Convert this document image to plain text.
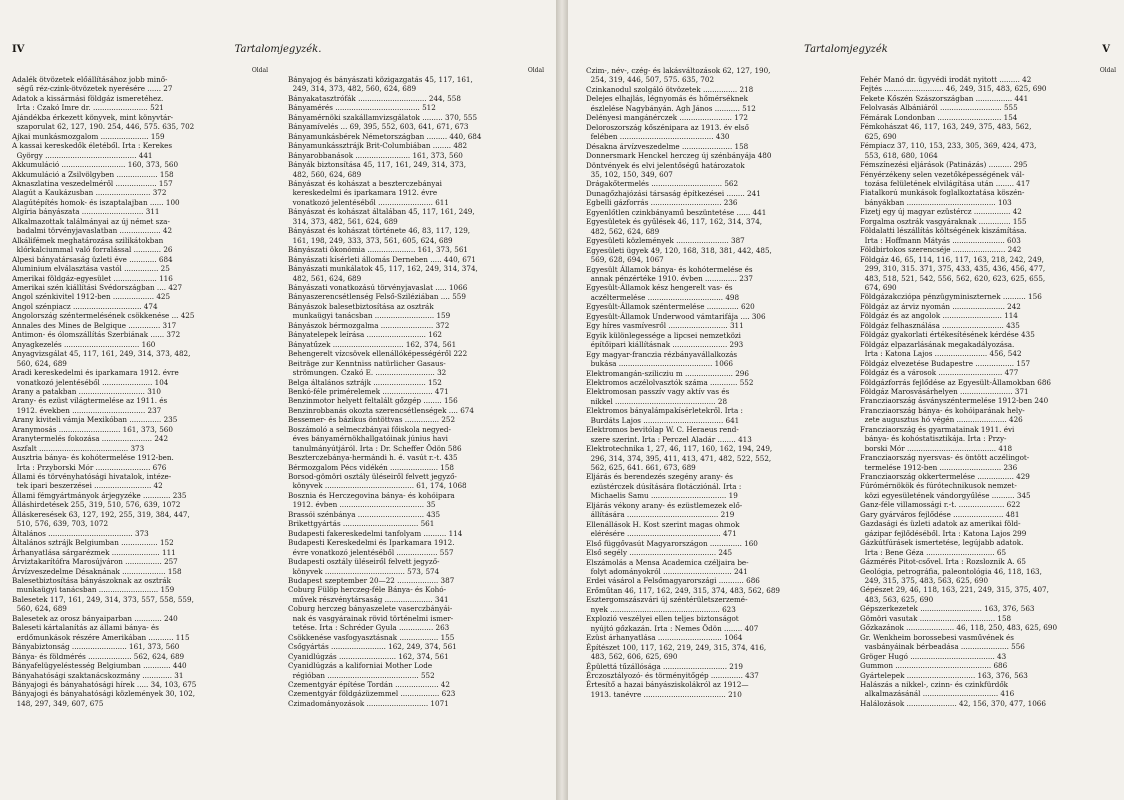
IV	Tartalomjegyzék.
Oldal
Adalék ötvözetek előállításához jobb minő-
ségű réz-czink-ötvözetek nyerésére ...... 27
Adatok a kissármási földgáz ismeretéhez.
Irta : Czakó Imre dr. ........................ 521
Ajándékba érkezett könyvek, mint könyvtár-
szaporulat 62, 127, 190. 254, 446, 575. 635, 702
Ajkai munkásmozgalom ..................... 159
A kassai kereskedők életéből. Irta : Kerekes
György ........................................ 441
Akkumuláció ............................ 160, 373, 560
Akkumuláció a Zsilvölgyben .................. 158
Aknaszlatina veszedelméről .................. 157
Alagút a Kaukázusban ........................ 372
Alagútépítés homok- és iszaptalajban ...... 100
Algíria bányászata ........................... 311
Alkalmazottak találmányai az új német sza-
badalmi törvényjavaslatban .................. 42
Alkálifémek meghatározása szilikátokban
klórkalciummal való forralással ............ 26
Alpesi bányatársaság üzleti éve ............ 684
Aluminium elválasztása vastól ............... 25
Amerikai földgáz-egyesület ................... 116
Amerikai szén kiállítási Svédországban .... 427
Angol szénkivitel 1912-ben .................. 425
Angol szénpiacz .............................. 474
Angolország széntermelésének csökkenése ... 425
Annales des Mines de Belgique .............. 317
Antimon- és ólomszállítás Szerbiának ...... 372
Anyagkezelés ................................. 160
Anyagvizsgálat 45, 117, 161, 249, 314, 373, 482,
560, 624, 689
Aradi kereskedelmi és iparkamara 1912. évre
vonatkozó jelentéséből ...................... 104
Arany a patakban ............................. 310
Arany- és ezüst világtermelése az 1911. és
1912. években ................................ 237
Arany kiviteli vámja Mexikóban .............. 235
Aranymosás ........................... 161, 373, 560
Aranytermelés fokozása ...................... 242
Aszfalt ....................................... 373
Ausztria bánya- és kohótermelése 1912-ben.
Irta : Przyborski Mór ........................ 676
Állami és törvényhatósági hivatalok, intéze-
tek ipari beszerzései ......................... 42
Állami fémgyártmányok árjegyzéke ............ 235
Álláshirdetések 255, 319, 510, 576, 639, 1072
Álláskeresések 63, 127, 192, 255, 319, 384, 447,
510, 576, 639, 703, 1072
Általános ..................................... 373
Általános sztrájk Belgiumban ................ 152
Árhanyatlása sárgarézmek ..................... 111
Árviztakarítófra Marosújváron ................ 257
Árvízveszedelme Désaknának ................... 158
Balesetbiztosítása bányászoknak az osztrák
munkaügyi tanácsban .......................... 159
Balesetek 117, 161, 249, 314, 373, 557, 558, 559,
560, 624, 689
Balesetek az orosz bányaiparban ............ 240
Baleseti kártalanítás az állami bánya- és
erdőmunkások részére Amerikában ........... 115
Bányabiztonság ........................ 161, 373, 560
Bánya- és földmérés ................... 562, 624, 689
Bányafelügyeléstesség Belgiumban ............ 440
Bányahatósági szaktanácskozmány ............. 31
Bányajogi és bányahatósági hírek ..... 34, 103, 675
Bányajogi és bányahatósági közlemények 30, 102,
148, 297, 349, 607, 675
Oldal
Bányajog és bányászati közigazgatás 45, 117, 161,
249, 314, 373, 482, 560, 624, 689
Bányakatasztrófák .............................. 244, 558
Bányamérés ..................................... 512
Bányamérnöki szakállamvizsgálatok ......... 370, 555
Bányamívelés ... 69, 395, 552, 603, 641, 671, 673
Bányamunkásbérek Németországban ......... 440, 684
Bányamunkássztrájk Brit-Columbiában ........ 482
Bányarobbanások ........................ 161, 373, 560
Bányák biztonsítása 45, 117, 161, 249, 314, 373,
482, 560, 624, 689
Bányászat és kohászat a beszterczebányai
kereskedelmi és iparkamara 1912. évre
vonatkozó jelentéséből ........................ 611
Bányászat és kohászat általában 45, 117, 161, 249,
314, 373, 482, 561, 624, 689
Bányászat és kohászat története 46, 83, 117, 129,
161, 198, 249, 333, 373, 561, 605, 624, 689
Bányászati ökonómia ..................... 161, 373, 561
Bányászati kísérleti állomás Derneben ..... 440, 671
Bányászati munkálatok 45, 117, 162, 249, 314, 374,
482, 561, 624, 689
Bányászati vonatkozású törvényjavaslat ..... 1066
Bányaszerencsétlenség Felső-Sziléziában .... 559
Bányászok balesetbiztosítása az osztrák
munkaügyi tanácsban .......................... 159
Bányászok bérmozgalma ....................... 372
Bányatelepek leírása .......................... 162
Bányatűzek ............................... 162, 374, 561
Behengerelt vízcsövek ellenállóképességéről 222
Beiträge zur Kenntniss natürlicher Gasaus-
strömungen. Czakó E. .......................... 32
Belga általános sztrájk ....................... 152
Benkó-féle primérelemek ...................... 471
Benzinmotor helyett feltalált gőzgép ........ 156
Benzinrobbanás okozta szerencsétlenségek .... 674
Bessemer- és bázikus öntöttvas ............... 252
Boszámoló a selmeczbányai főiskola negyed-
éves bányamérnökhallgatóinak június havi
tanulmányútjáról. Irta : Dr. Scheffer Ödön 586
Beszterczebánya-hermándi h. é. vasút r.-t. 435
Bérmozgalom Pécs vidékén ..................... 158
Borsod-gömöri osztály üléseiről felvett jegyző-
könyvek ....................................... 61, 174, 1068
Bosznia és Herczegovina bánya- és kohóipara
1912. évben ..................................... 35
Brassói szénbánya ............................. 435
Brikettgyártás ................................. 561
Budapesti fakereskedelmi tanfolyam .......... 114
Budapesti Kereskedelmi és Iparkamara 1912.
évre vonatkozó jelentéséből .................. 557
Budapesti osztály üléseiről felvett jegyző-
könyvek ................................... 573, 574
Budapest szeptember 20—22 .................. 387
Coburg Fülöp herczeg-féle Bánya- és Kohó-
művek részvénytársaság ..................... 341
Coburg herczeg bányaszelete vaserczbányái-
nak és vasgyárainak rövid történelmi ismer-
tetése. Irta : Schréder Gyula ............... 263
Csökkenése vasfogyasztásnak ................. 155
Csőgyártás ........................ 162, 249, 374, 561
Cyanidlúgzás ......................... 162, 374, 561
Cyanidlúgzás a kaliforniai Mother Lode
régióban ........................................ 552
Czementgyár építése Tordán ................... 42
Czementgyár földgázüzemmel ................. 623
Czimadományozások ........................... 1071
Tartalomjegyzék	V
Czim-, név-, czég- és lakásváltozások 62, 127, 190,
254, 319, 446, 507, 575. 635, 702
Czinkanodul szolgáló ötvözetek ............... 218
Delejes elhajlás, légnyomás és hőmérséknek
észlelése Nagybányán. Agh János ........... 512
Delényesi mangánérczek ....................... 172
Deloroszország kőszénipara az 1913. év első
felében ......................................... 430
Désakna árvízveszedelme ...................... 158
Donnersmark Henckel herczeg új szénbányája 480
Döntvények és elvi jelentőségű határozatok
35, 102, 150, 349, 607
Drágakőtermelés ............................... 562
Dunagőzhajózási társaság építkezései ........ 241
Egbelli gázforrás ............................... 236
Egyenlőtlen czinkbányamű beszüntetése ...... 441
Egyesületek és gyűlések 46, 117, 162, 314, 374,
482, 562, 624, 689
Egyesületi közlemények ....................... 387
Egyesületi ügyek 49, 120, 168, 318, 381, 442, 485,
569, 628, 694, 1067
Egyesült Államok bánya- és kohótermelése és
annak pénzértéke 1910. évben .............. 237
Egyesült-Államok kész hengerelt vas- és
aczéltermelése ................................. 498
Egyesült-Államok széntermelése .............. 620
Egyesült-Államok Underwood vámtarifája .... 306
Egy híres vasmívesről .......................... 311
Egyik különlegessége a lipcsei nemzetközi
építőipari kiállításnak ........................ 293
Egy magyar-franczia rézbányavállalkozás
bukása ......................................... 1066
Elektromangán-szilicziu m ..................... 296
Elektromos aczélolvasztók száma ............ 552
Elektromosan passzív vagy aktív vas és
nikkel ............................................ 28
Elektromos bányalámpakísérletekről. Irta :
Burdáts Lajos ................................... 641
Elektromos bevitólap W. C. Heraeus rend-
szere szerint. Irta : Perczel Aladár ........ 413
Elektrotechnika 1, 27, 46, 117, 160, 162, 194, 249,
296, 314, 374, 395, 411, 413, 471, 482, 522, 552,
562, 625, 641. 661, 673, 689
Eljárás és berendezés szegény arany- és
ezüstérczek dúsítására flotácziónál. Irta :
Michaelis Samu ................................. 19
Eljárás vékony arany- és ezüstlemezek elő-
állítására ........................................ 219
Ellenállások H. Kost szerint magas ohmok
elérésére ......................................... 471
Első függővasút Magyarországon .............. 160
Első segély ...................................... 245
Elszámolás a Mensa Academica czéljaira be-
folyt adományokról .............................. 241
Erdei vásárol a Felsőmagyarországi ........... 686
Erőműtan 46, 117, 162, 249, 315, 374, 483, 562, 689
Esztergomszászvári új széntérületszerzemé-
nyek ................................................ 623
Explozió veszélyei ellen teljes biztonságot
nyújtó gőzkazán. Irta : Nemes Ödön ........ 407
Ezüst árhanyatlása ............................ 1064
Építészet 100, 117, 162, 219, 249, 315, 374, 416,
483, 562, 606, 625, 690
Épülettá tűzállósága ............................ 219
Érczosztályozó- és törményitőgép .............. 437
Értesítő a hazai bányásziskolákról az 1912—
1913. tanévre .................................... 210
Oldal
Fehér Manó dr. ügyvédi irodát nyitott ......... 42
Fejtés .......................... 46, 249, 315, 483, 625, 690
Fekete Kőszén Szászországban ................ 441
Felolvasás Albániáról ........................... 555
Fémárak Londonban ............................ 154
Fémkohászat 46, 117, 163, 249, 375, 483, 562,
625, 690
Fémpiacz 37, 110, 153, 233, 305, 369, 424, 473,
553, 618, 680, 1064
Fémszínezési eljárások (Patinázás) .......... 295
Fényérzékeny selen vezetőképességének vál-
tozása felületének elvilágítása után ........ 417
Fiatalkorú munkások foglalkoztatása köszén-
bányákban ....................................... 103
Fizetj egy új magyar ezüstércz ................ 42
Forgalma osztrák vasgyáraknak .............. 155
Földalatti lészállítás költségének kiszámítása.
Irta : Hoffmann Mátyás ....................... 603
Földbirtokos szerencséje ....................... 242
Földgáz 46, 65, 114, 116, 117, 163, 218, 242, 249,
299, 310, 315. 371, 375, 433, 435, 436, 456, 477,
483, 518, 521, 542, 556, 562, 620, 623, 625, 655,
674, 690
Földgázakczióра pénzügyminiszternek .......... 156
Földgáz az árviz nyomán ....................... 242
Földgáz és az angolok .......................... 114
Földgáz felhasználása ........................... 435
Földgáz gyakorlati értékesítésének kérdése 435
Földgáz elpazarlásának megakadályozása.
Irta : Katona Lajos ....................... 456, 542
Földgáz elvezetése Budapestre ................. 157
Földgáz és a városok ............................ 477
Földgázforrás fejlődése az Egyesült-Államokban 686
Földgáz Marosvásárhelyen ....................... 371
Francziaország ásványszéntermelése 1912-ben 240
Francziaország bánya- és kohóiparának hely-
zete augusztus hó végén ...................... 426
Francziaország és gyarmatainak 1911. évi
bánya- és kohóstatisztikája. Irta : Przy-
borski Mór ....................................... 418
Francziaország nyersvas- és öntött aczélingot-
termelése 1912-ben ........................... 236
Francziaország okkertermelése ................ 429
Fúrómérnökök és fúrótechnikusok nemzet-
közi egyesületének vándorgyűlése .......... 345
Ganz-féle villamossági r.-t. .................... 622
Gary gyárváros fejlődése ...................... 481
Gazdasági és üzleti adatok az amerikai föld-
gázipar fejlődéséből. Irta : Katona Lajos 299
Gázkútfúrásek ismertetése, legújabb adatok.
Irta : Bene Géza .............................. 65
Gázmérés Pitot-csővel. Irta : Rozsloznik A. 65
Geológia, petrográfia, paleontológia 46, 118, 163,
249, 315, 375, 483, 563, 625, 690
Gépészet 29, 46, 118, 163, 221, 249, 315, 375, 407,
483, 563, 625, 690
Gépszerkezetek ........................... 163, 376, 563
Gömöri vasutak ................................. 158
Gőzkazánok ..................... 46, 118, 250, 483, 625, 690
Gr. Wenkheim borossebesi vasművének és
vasbányáinak bérbeadása ..................... 556
Gröger Hugó ..................................... 43
Gummon .......................................... 686
Gyártelepek .............................. 163, 376, 563
Halászás a nikkel-, czinn- és czinkfürdők
alkalmazásánál ................................. 416
Halálozások ...................... 42, 156, 370, 477, 1066
